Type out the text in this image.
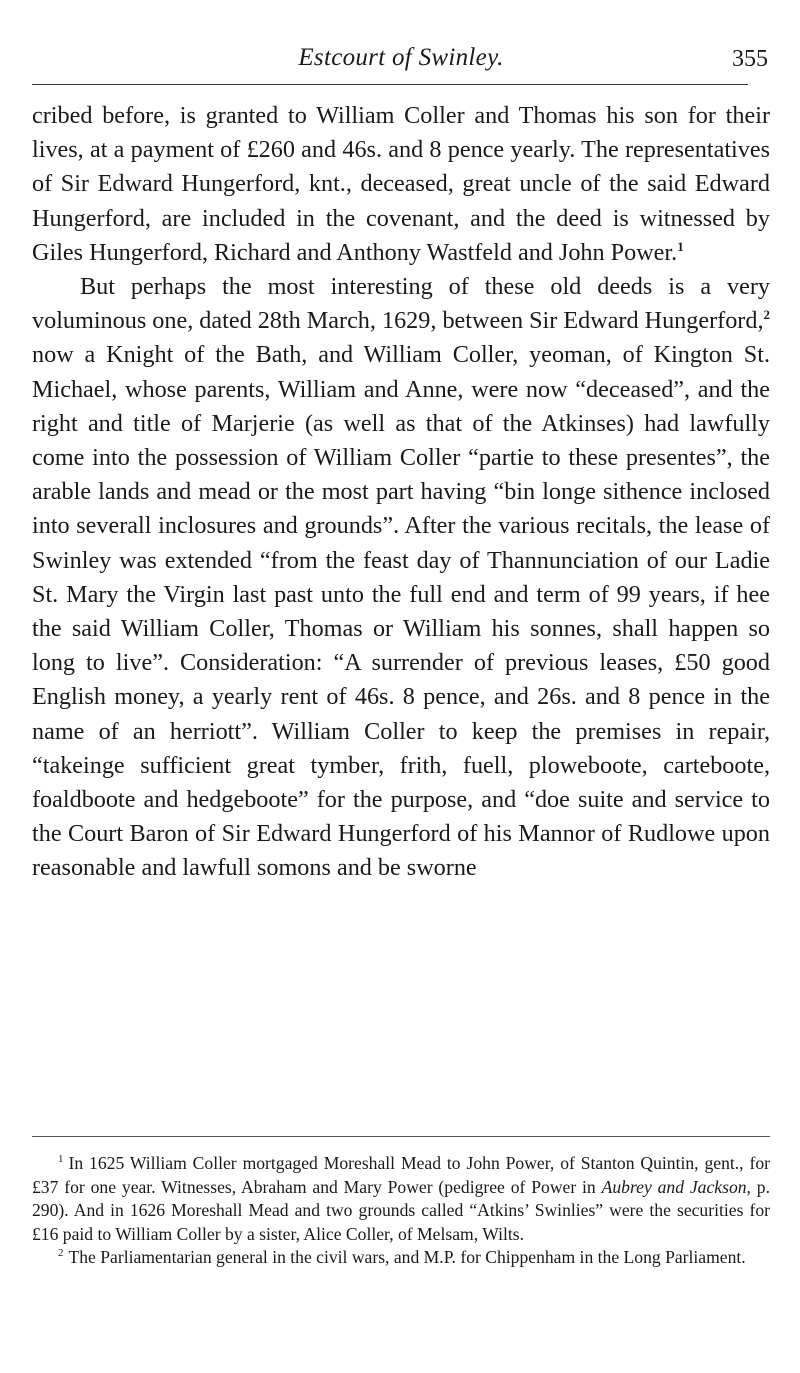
Estcourt of Swinley.	355

cribed before, is granted to William Coller and Thomas his son for their lives, at a payment of £260 and 46s. and 8 pence yearly. The representatives of Sir Edward Hungerford, knt., deceased, great uncle of the said Edward Hungerford, are included in the covenant, and the deed is witnessed by Giles Hungerford, Richard and Anthony Wastfeld and John Power.$^1$

But perhaps the most interesting of these old deeds is a very voluminous one, dated 28th March, 1629, between Sir Edward Hungerford,$^2$ now a Knight of the Bath, and William Coller, yeoman, of Kington St. Michael, whose parents, William and Anne, were now “deceased”, and the right and title of Marjerie (as well as that of the Atkinses) had lawfully come into the possession of William Coller “partie to these presentes”, the arable lands and mead or the most part having “bin longe sithence inclosed into severall inclosures and grounds”. After the various recitals, the lease of Swinley was extended “from the feast day of Thannunciation of our Ladie St. Mary the Virgin last past unto the full end and term of 99 years, if hee the said William Coller, Thomas or William his sonnes, shall happen so long to live”. Consideration: “A surrender of previous leases, £50 good English money, a yearly rent of 46s. 8 pence, and 26s. and 8 pence in the name of an herriott”. William Coller to keep the premises in repair, “takeinge sufficient great tymber, frith, fuell, ploweboote, carteboote, foaldboote and hedgeboote” for the purpose, and “doe suite and service to the Court Baron of Sir Edward Hungerford of his Mannor of Rudlowe upon reasonable and lawfull somons and be sworne

$^1$ In 1625 William Coller mortgaged Moreshall Mead to John Power, of Stanton Quintin, gent., for £37 for one year. Witnesses, Abraham and Mary Power (pedigree of Power in Aubrey and Jackson, p. 290). And in 1626 Moreshall Mead and two grounds called “Atkins’ Swinlies” were the securities for £16 paid to William Coller by a sister, Alice Coller, of Melsam, Wilts.

$^2$ The Parliamentarian general in the civil wars, and M.P. for Chippenham in the Long Parliament.
